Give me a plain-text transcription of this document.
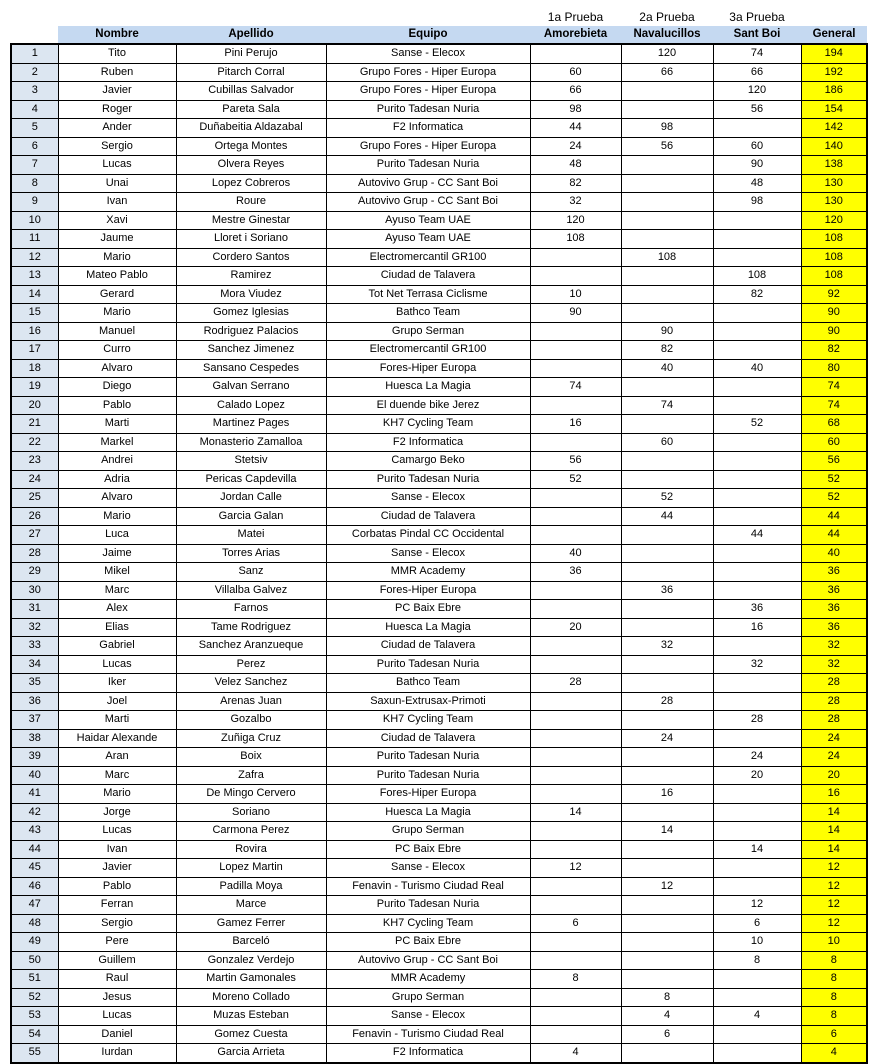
				1a Prueba	2a Prueba	3a Prueba	
	Nombre	Apellido	Equipo	Amorebieta	Navalucillos	Sant Boi	General
1	Tito	Pini Perujo	Sanse - Elecox		120	74	194
2	Ruben	Pitarch Corral	Grupo Fores - Hiper Europa	60	66	66	192
3	Javier	Cubillas Salvador	Grupo Fores - Hiper Europa	66		120	186
4	Roger	Pareta Sala	Purito Tadesan Nuria	98		56	154
5	Ander	Duñabeitia Aldazabal	F2 Informatica	44	98		142
6	Sergio	Ortega Montes	Grupo Fores - Hiper Europa	24	56	60	140
7	Lucas	Olvera Reyes	Purito Tadesan Nuria	48		90	138
8	Unai	Lopez Cobreros	Autovivo Grup - CC Sant Boi	82		48	130
9	Ivan	Roure	Autovivo Grup - CC Sant Boi	32		98	130
10	Xavi	Mestre Ginestar	Ayuso Team UAE	120			120
11	Jaume	Lloret i Soriano	Ayuso Team UAE	108			108
12	Mario	Cordero Santos	Electromercantil GR100		108		108
13	Mateo Pablo	Ramirez	Ciudad de Talavera			108	108
14	Gerard	Mora Viudez	Tot Net Terrasa Ciclisme	10		82	92
15	Mario	Gomez Iglesias	Bathco Team	90			90
16	Manuel	Rodriguez Palacios	Grupo Serman		90		90
17	Curro	Sanchez Jimenez	Electromercantil GR100		82		82
18	Alvaro	Sansano Cespedes	Fores-Hiper Europa		40	40	80
19	Diego	Galvan Serrano	Huesca La Magia	74			74
20	Pablo	Calado Lopez	El duende bike Jerez		74		74
21	Marti	Martinez Pages	KH7 Cycling Team	16		52	68
22	Markel	Monasterio Zamalloa	F2 Informatica		60		60
23	Andrei	Stetsiv	Camargo Beko	56			56
24	Adria	Pericas Capdevilla	Purito Tadesan Nuria	52			52
25	Alvaro	Jordan Calle	Sanse - Elecox		52		52
26	Mario	Garcia Galan	Ciudad de Talavera		44		44
27	Luca	Matei	Corbatas Pindal CC Occidental			44	44
28	Jaime	Torres Arias	Sanse - Elecox	40			40
29	Mikel	Sanz	MMR Academy	36			36
30	Marc	Villalba Galvez	Fores-Hiper Europa		36		36
31	Alex	Farnos	PC Baix Ebre			36	36
32	Elias	Tame Rodriguez	Huesca La Magia	20		16	36
33	Gabriel	Sanchez Aranzueque	Ciudad de Talavera		32		32
34	Lucas	Perez	Purito Tadesan Nuria			32	32
35	Iker	Velez Sanchez	Bathco Team	28			28
36	Joel	Arenas Juan	Saxun-Extrusax-Primoti		28		28
37	Marti	Gozalbo	KH7 Cycling Team			28	28
38	Haidar Alexande	Zuñiga Cruz	Ciudad de Talavera		24		24
39	Aran	Boix	Purito Tadesan Nuria			24	24
40	Marc	Zafra	Purito Tadesan Nuria			20	20
41	Mario	De Mingo Cervero	Fores-Hiper Europa		16		16
42	Jorge	Soriano	Huesca La Magia	14			14
43	Lucas	Carmona Perez	Grupo Serman		14		14
44	Ivan	Rovira	PC Baix Ebre			14	14
45	Javier	Lopez Martin	Sanse - Elecox	12			12
46	Pablo	Padilla Moya	Fenavin - Turismo Ciudad Real		12		12
47	Ferran	Marce	Purito Tadesan Nuria			12	12
48	Sergio	Gamez Ferrer	KH7 Cycling Team	6		6	12
49	Pere	Barceló	PC Baix Ebre			10	10
50	Guillem	Gonzalez Verdejo	Autovivo Grup - CC Sant Boi			8	8
51	Raul	Martin Gamonales	MMR Academy	8			8
52	Jesus	Moreno Collado	Grupo Serman		8		8
53	Lucas	Muzas Esteban	Sanse - Elecox		4	4	8
54	Daniel	Gomez Cuesta	Fenavin - Turismo Ciudad Real		6		6
55	Iurdan	Garcia Arrieta	F2 Informatica	4			4
